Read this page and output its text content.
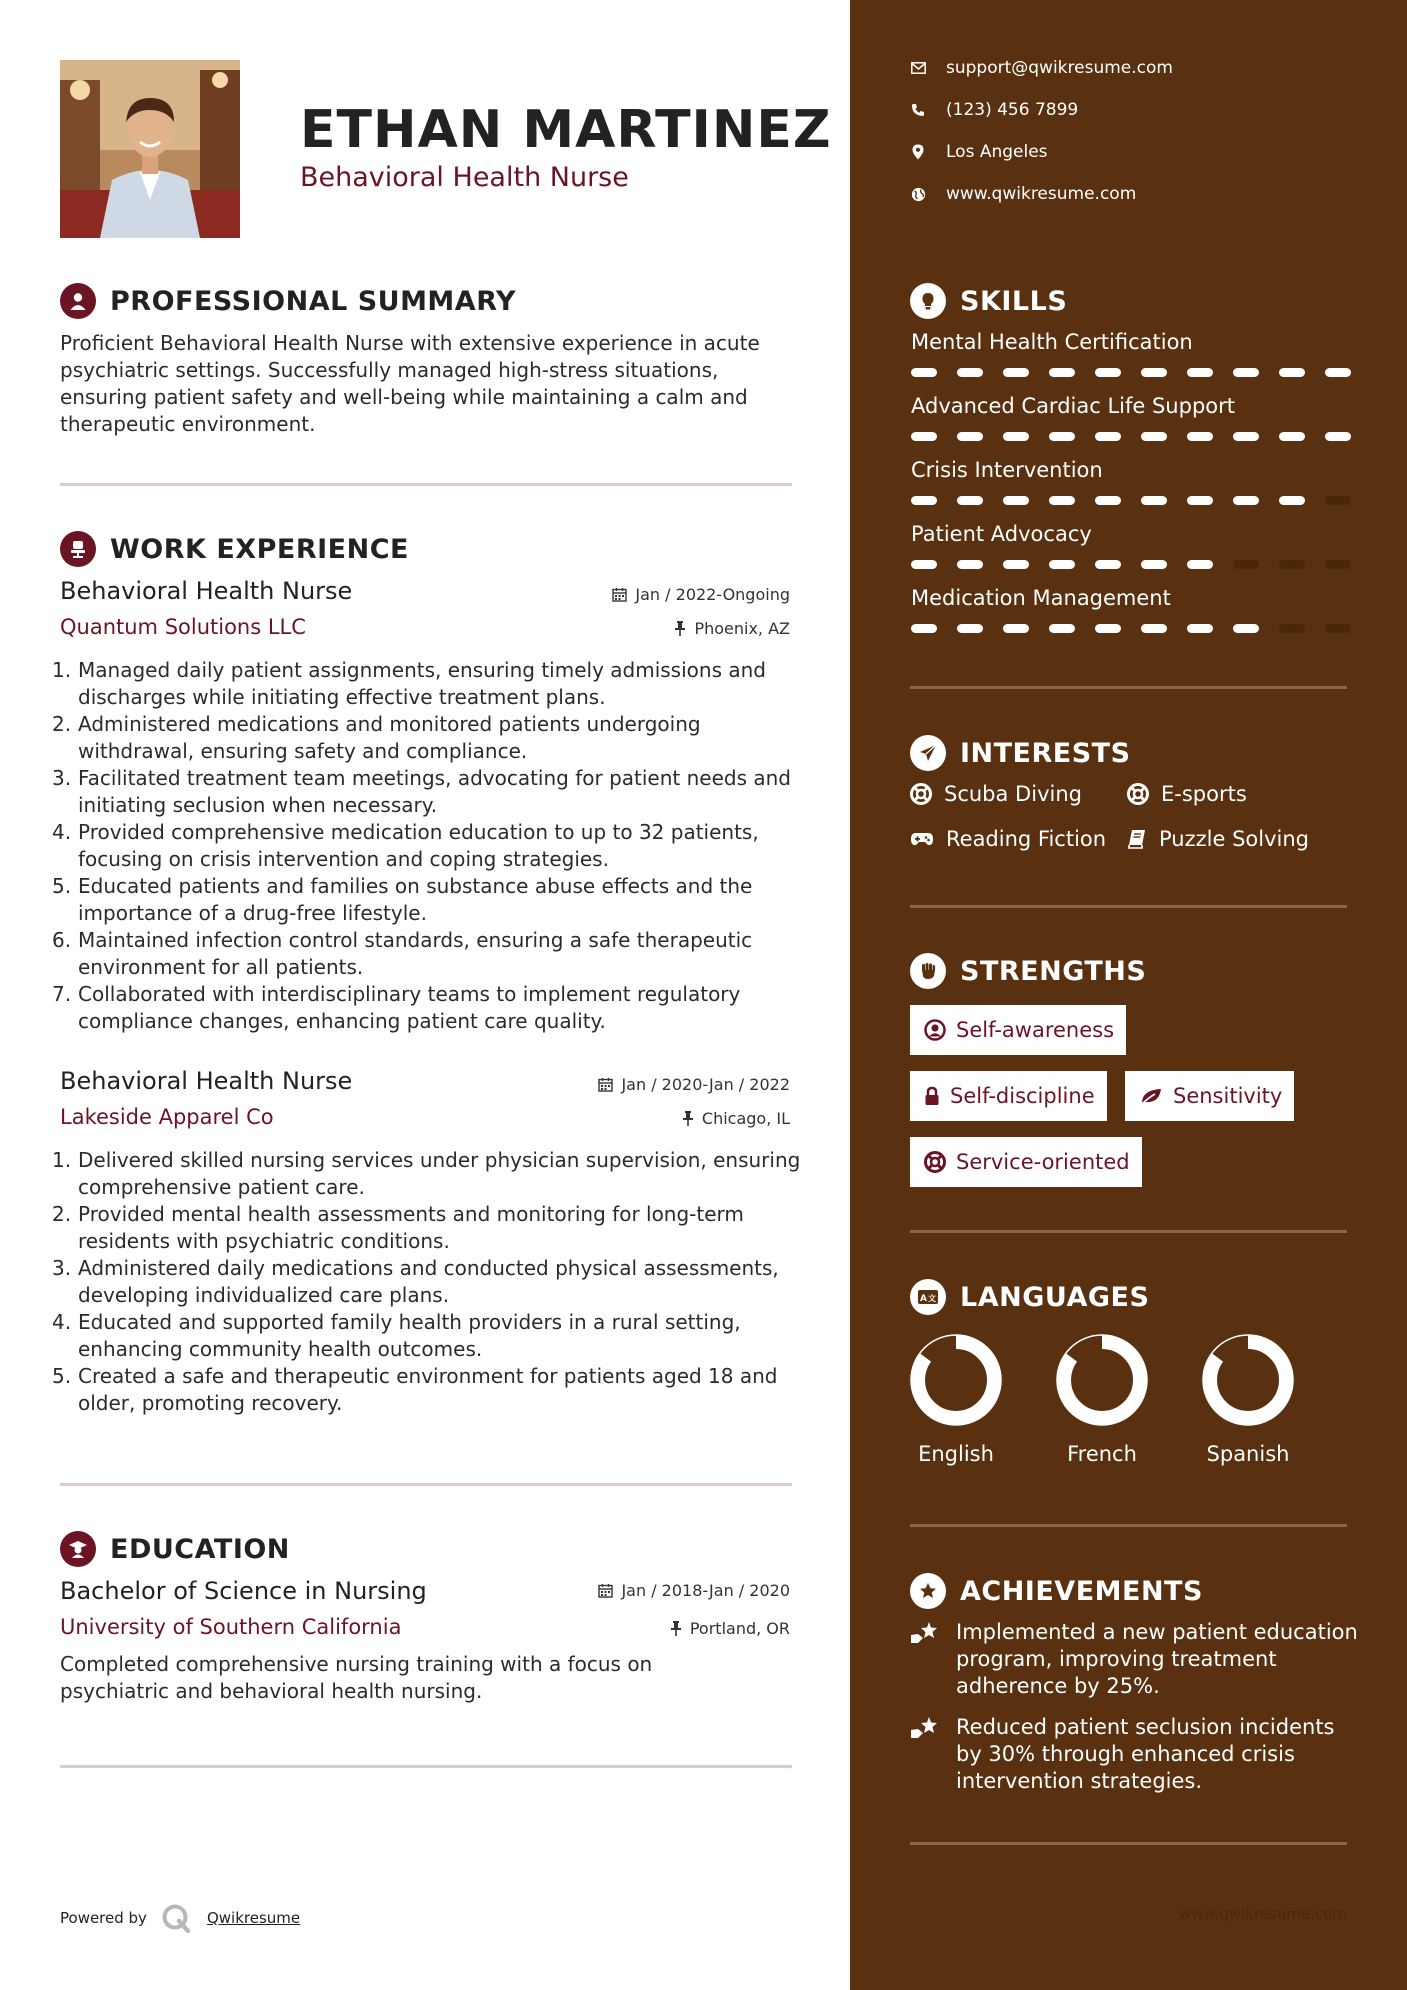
ETHAN MARTINEZ
Behavioral Health Nurse
PROFESSIONAL SUMMARY
Proficient Behavioral Health Nurse with extensive experience in acute psychiatric settings. Successfully managed high-stress situations, ensuring patient safety and well-being while maintaining a calm and therapeutic environment.
WORK EXPERIENCE
Behavioral Health Nurse	Jan / 2022-Ongoing
Quantum Solutions LLC	Phoenix, AZ
1. Managed daily patient assignments, ensuring timely admissions and discharges while initiating effective treatment plans.
2. Administered medications and monitored patients undergoing withdrawal, ensuring safety and compliance.
3. Facilitated treatment team meetings, advocating for patient needs and initiating seclusion when necessary.
4. Provided comprehensive medication education to up to 32 patients, focusing on crisis intervention and coping strategies.
5. Educated patients and families on substance abuse effects and the importance of a drug-free lifestyle.
6. Maintained infection control standards, ensuring a safe therapeutic environment for all patients.
7. Collaborated with interdisciplinary teams to implement regulatory compliance changes, enhancing patient care quality.
Behavioral Health Nurse	Jan / 2020-Jan / 2022
Lakeside Apparel Co	Chicago, IL
1. Delivered skilled nursing services under physician supervision, ensuring comprehensive patient care.
2. Provided mental health assessments and monitoring for long-term residents with psychiatric conditions.
3. Administered daily medications and conducted physical assessments, developing individualized care plans.
4. Educated and supported family health providers in a rural setting, enhancing community health outcomes.
5. Created a safe and therapeutic environment for patients aged 18 and older, promoting recovery.
EDUCATION
Bachelor of Science in Nursing	Jan / 2018-Jan / 2020
University of Southern California	Portland, OR
Completed comprehensive nursing training with a focus on psychiatric and behavioral health nursing.
Powered by	Qwikresume
support@qwikresume.com
(123) 456 7899
Los Angeles
www.qwikresume.com
SKILLS
Mental Health Certification
Advanced Cardiac Life Support
Crisis Intervention
Patient Advocacy
Medication Management
INTERESTS
Scuba Diving	E-sports
Reading Fiction	Puzzle Solving
STRENGTHS
Self-awareness
Self-discipline	Sensitivity
Service-oriented
A 文 LANGUAGES
English	French	Spanish
ACHIEVEMENTS
Implemented a new patient education program, improving treatment adherence by 25%.
Reduced patient seclusion incidents by 30% through enhanced crisis intervention strategies.
www.qwikresume.com
